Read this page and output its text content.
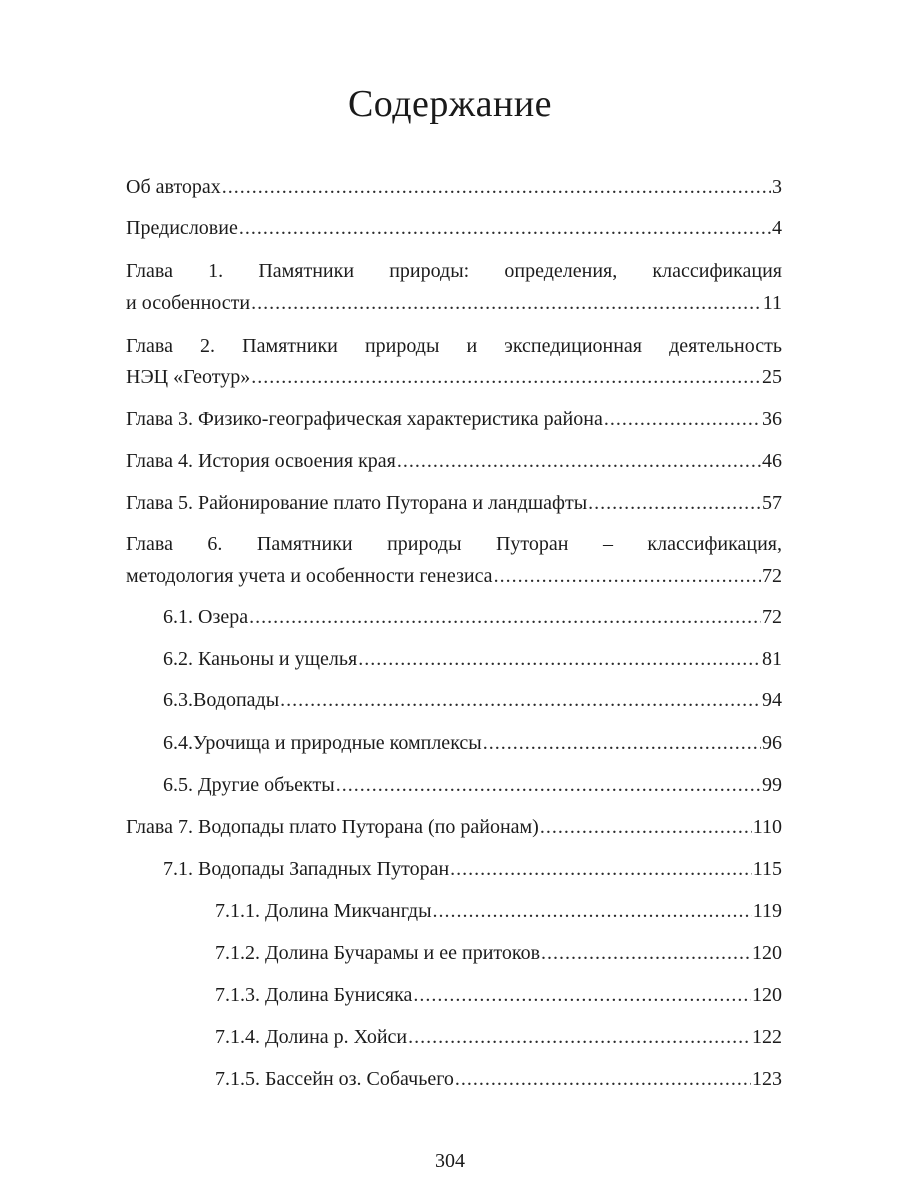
Содержание
Об авторах .....	3
Предисловие .....	4
Глава 1. Памятники природы: определения, классификация
и особенности .....	11
Глава 2. Памятники природы и экспедиционная деятельность
НЭЦ «Геотур» .....	25
Глава 3. Физико-географическая характеристика района .....	36
Глава 4. История освоения края .....	46
Глава 5. Районирование плато Путорана и ландшафты .....	57
Глава 6. Памятники природы Путоран – классификация,
методология учета и особенности генезиса .....	72
6.1. Озера .....	72
6.2. Каньоны и ущелья .....	81
6.3.Водопады .....	94
6.4.Урочища и природные комплексы .....	96
6.5. Другие объекты .....	99
Глава 7. Водопады плато Путорана (по районам) .....	110
7.1. Водопады Западных Путоран .....	115
7.1.1. Долина Микчангды .....	119
7.1.2. Долина Бучарамы и ее притоков .....	120
7.1.3. Долина Бунисяка .....	120
7.1.4. Долина р. Хойси .....	122
7.1.5. Бассейн оз. Собачьего .....	123
304
